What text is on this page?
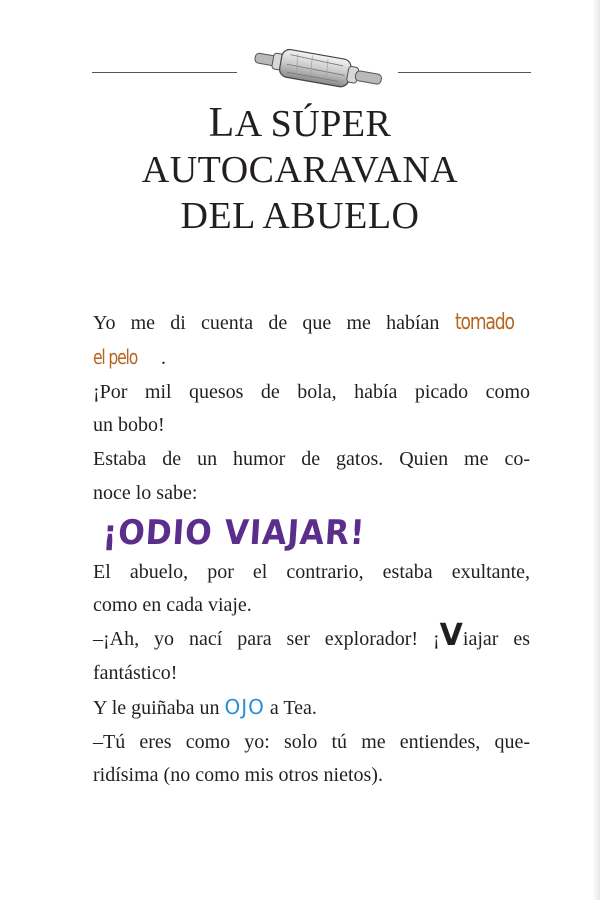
LA SÚPER
AUTOCARAVANA
DEL ABUELO

Yo me di cuenta de que me habían tomado

el pelo .

¡Por mil quesos de bola, había picado como

un bobo!

Estaba de un humor de gatos. Quien me co-

noce lo sabe:

¡ODIO VIAJAR!

El abuelo, por el contrario, estaba exultante,

como en cada viaje.

–¡Ah, yo nací para ser explorador! ¡Viajar es

fantástico!

Y le guiñaba un OJO a Tea.

–Tú eres como yo: solo tú me entiendes, que-

ridísima (no como mis otros nietos).
